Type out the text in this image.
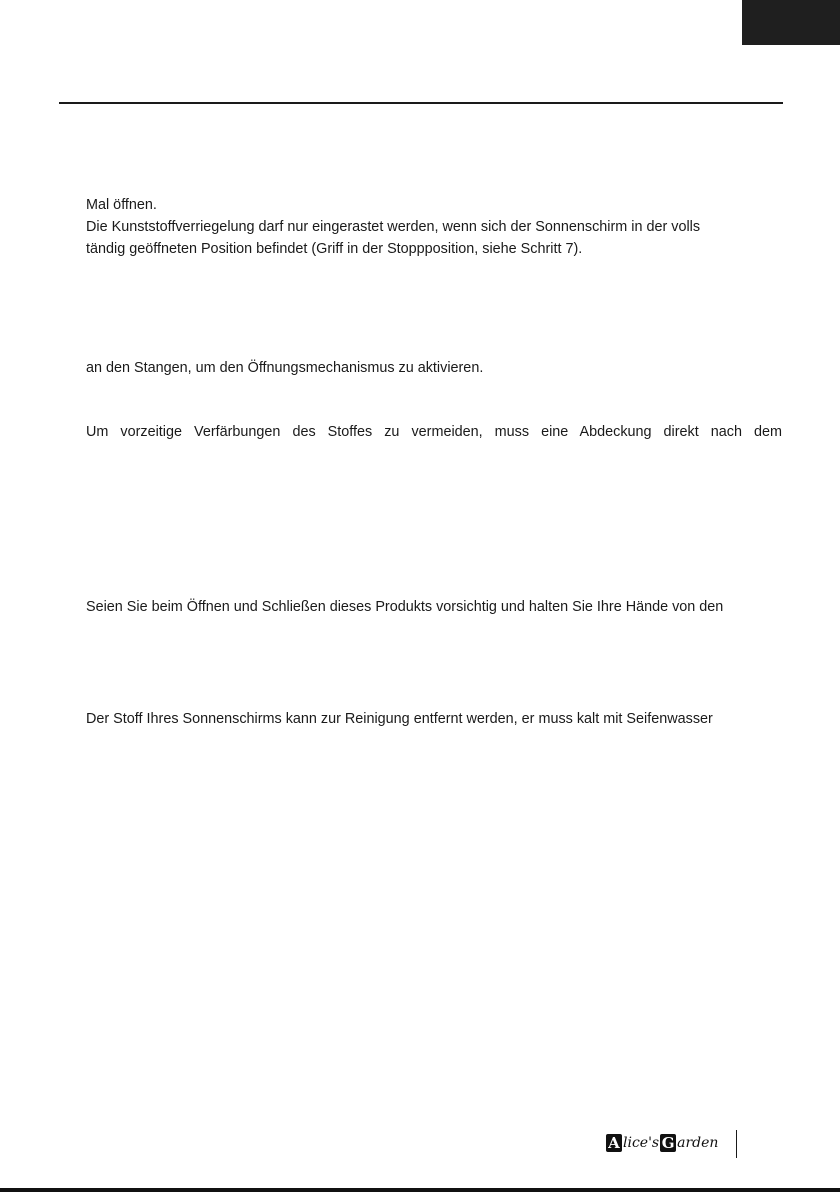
Mal öffnen.

Die Kunststoffverriegelung darf nur eingerastet werden, wenn sich der Sonnenschirm in der volls

tändig geöffneten Position befindet (Griff in der Stoppposition, siehe Schritt 7).

an den Stangen, um den Öffnungsmechanismus zu aktivieren.

Um vorzeitige Verfärbungen des Stoffes zu vermeiden, muss eine Abdeckung direkt nach dem

Seien Sie beim Öffnen und Schließen dieses Produkts vorsichtig und halten Sie Ihre Hände von den

Der Stoff Ihres Sonnenschirms kann zur Reinigung entfernt werden, er muss kalt mit Seifenwasser

A lice's G arden
